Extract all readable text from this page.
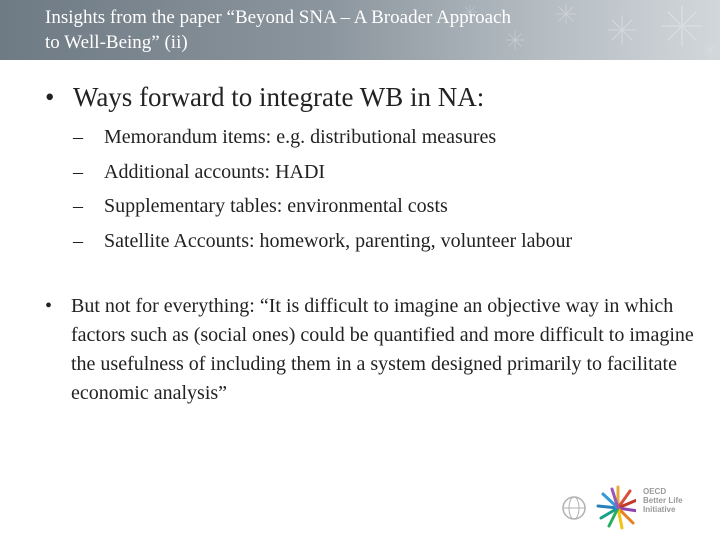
Insights from the paper “Beyond SNA – A Broader Approach
to Well-Being” (ii)

• Ways forward to integrate WB in NA:

– Memorandum items: e.g. distributional measures
– Additional accounts: HADI
– Supplementary tables: environmental costs
– Satellite Accounts: homework, parenting, volunteer labour

• But not for everything: “It is difficult to imagine an objective way in which factors such as (social ones) could be quantified and more difficult to imagine the usefulness of including them in a system designed primarily to facilitate economic analysis”

OECD
Better Life
Initiative
